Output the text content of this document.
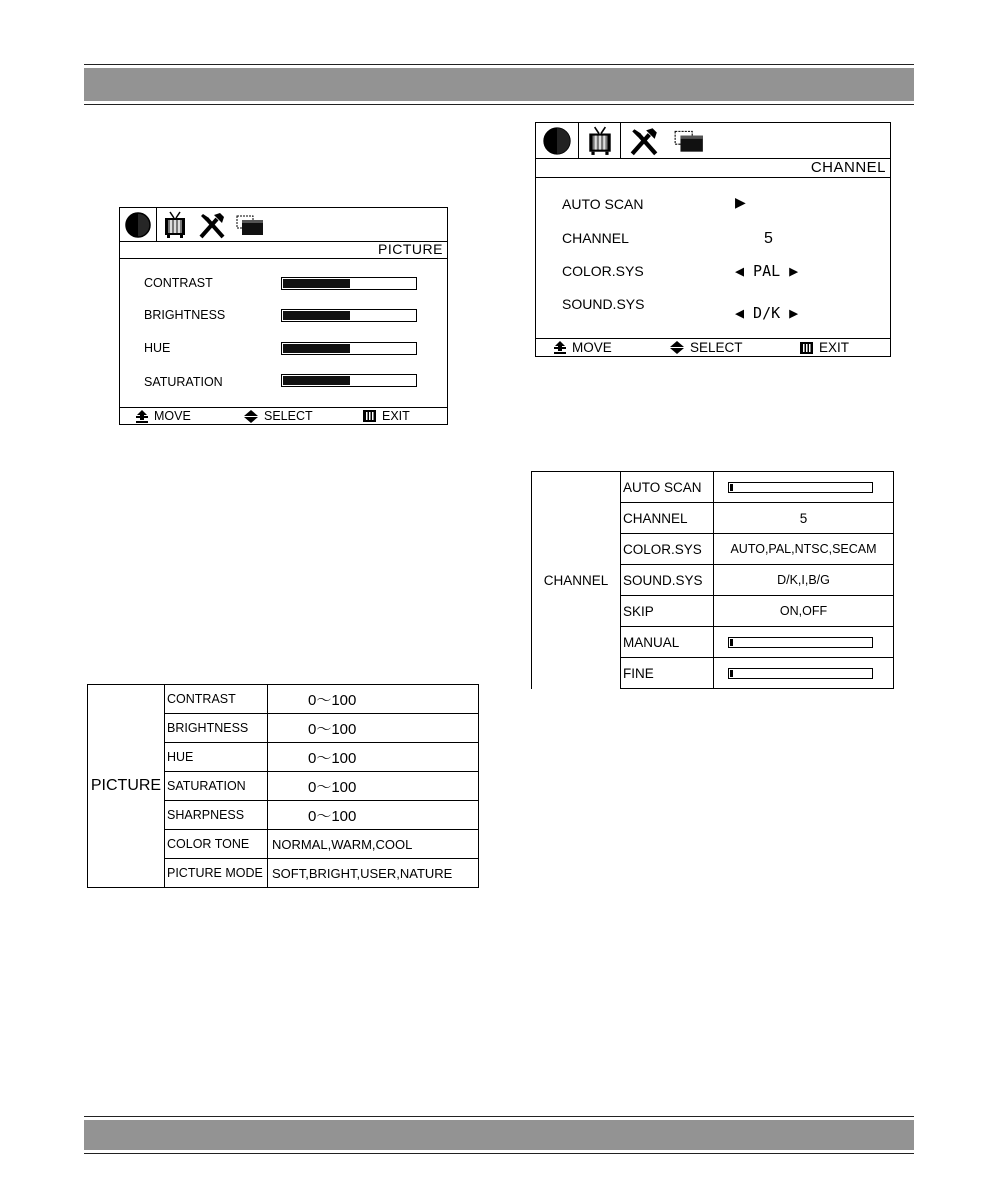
PICTURE
CONTRAST
BRIGHTNESS
HUE
SATURATION
MOVE	SELECT	EXIT
CHANNEL
AUTO SCAN	▶
CHANNEL	5
COLOR.SYS	◀ PAL ▶
SOUND.SYS	◀ D/K ▶
MOVE	SELECT	EXIT
CHANNEL	AUTO SCAN	

	CHANNEL	5
	COLOR.SYS	AUTO,PAL,NTSC,SECAM
	SOUND.SYS	D/K,I,B/G
	SKIP	ON,OFF
	MANUAL	

	FINE	
PICTURE	CONTRAST	0～100
	BRIGHTNESS	0～100
	HUE	0～100
	SATURATION	0～100
	SHARPNESS	0～100
	COLOR TONE	NORMAL,WARM,COOL
	PICTURE MODE	SOFT,BRIGHT,USER,NATURE
